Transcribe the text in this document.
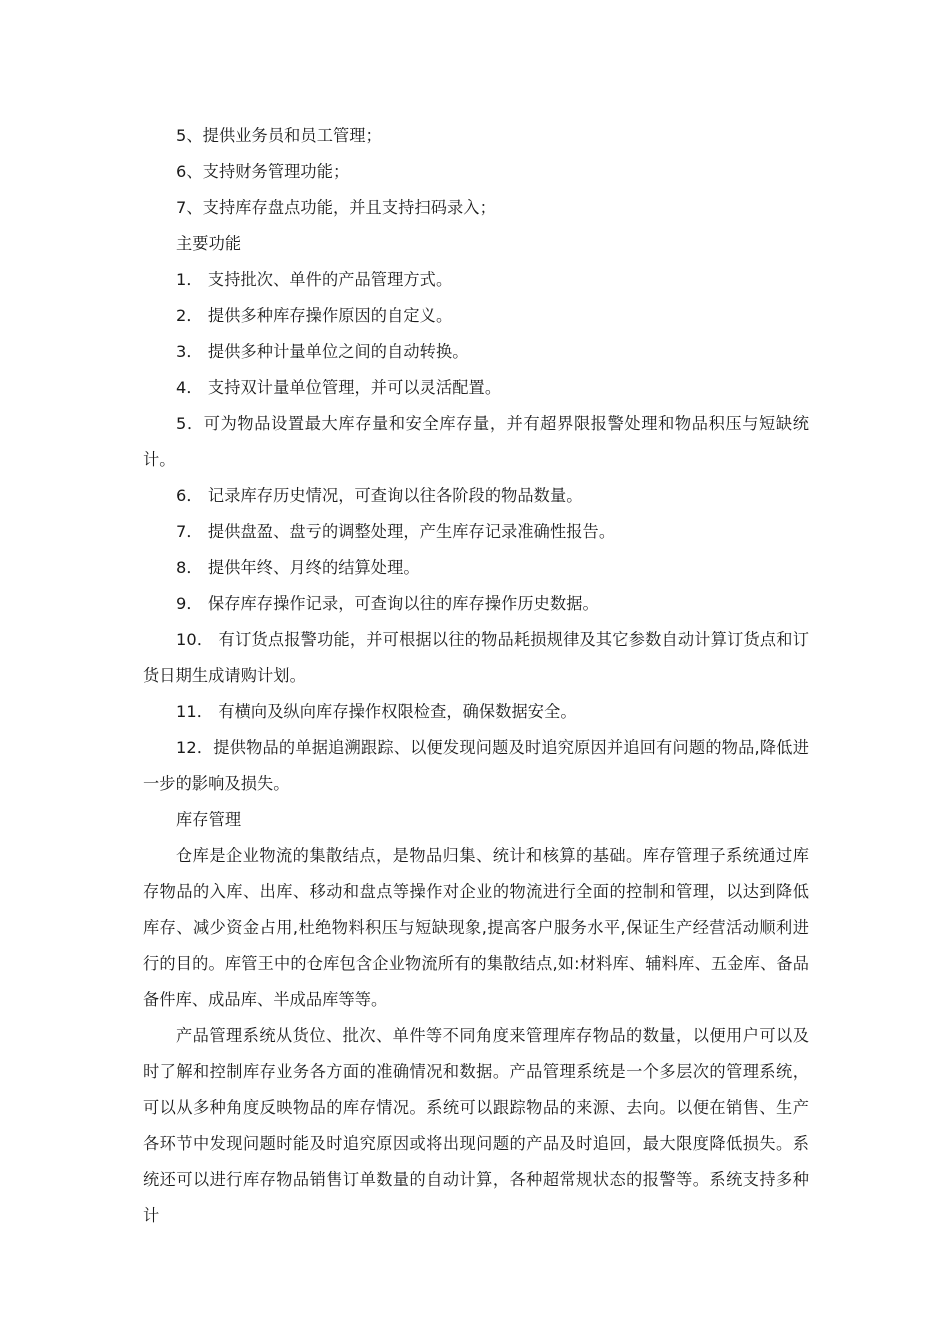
5、提供业务员和员工管理；

6、支持财务管理功能；

7、支持库存盘点功能，并且支持扫码录入；

主要功能

1． 支持批次、单件的产品管理方式。

2． 提供多种库存操作原因的自定义。

3． 提供多种计量单位之间的自动转换。

4． 支持双计量单位管理，并可以灵活配置。

5．可为物品设置最大库存量和安全库存量，并有超界限报警处理和物品积压与短缺统计。

6． 记录库存历史情况，可查询以往各阶段的物品数量。

7． 提供盘盈、盘亏的调整处理，产生库存记录准确性报告。

8． 提供年终、月终的结算处理。

9． 保存库存操作记录，可查询以往的库存操作历史数据。

10． 有订货点报警功能，并可根据以往的物品耗损规律及其它参数自动计算订货点和订货日期生成请购计划。

11． 有横向及纵向库存操作权限检查，确保数据安全。

12．提供物品的单据追溯跟踪、以便发现问题及时追究原因并追回有问题的物品,降低进一步的影响及损失。

库存管理

仓库是企业物流的集散结点，是物品归集、统计和核算的基础。库存管理子系统通过库存物品的入库、出库、移动和盘点等操作对企业的物流进行全面的控制和管理，以达到降低库存、减少资金占用,杜绝物料积压与短缺现象,提高客户服务水平,保证生产经营活动顺利进行的目的。库管王中的仓库包含企业物流所有的集散结点,如:材料库、辅料库、五金库、备品备件库、成品库、半成品库等等。

产品管理系统从货位、批次、单件等不同角度来管理库存物品的数量，以便用户可以及时了解和控制库存业务各方面的准确情况和数据。产品管理系统是一个多层次的管理系统，可以从多种角度反映物品的库存情况。系统可以跟踪物品的来源、去向。以便在销售、生产各环节中发现问题时能及时追究原因或将出现问题的产品及时追回，最大限度降低损失。系统还可以进行库存物品销售订单数量的自动计算，各种超常规状态的报警等。系统支持多种计
